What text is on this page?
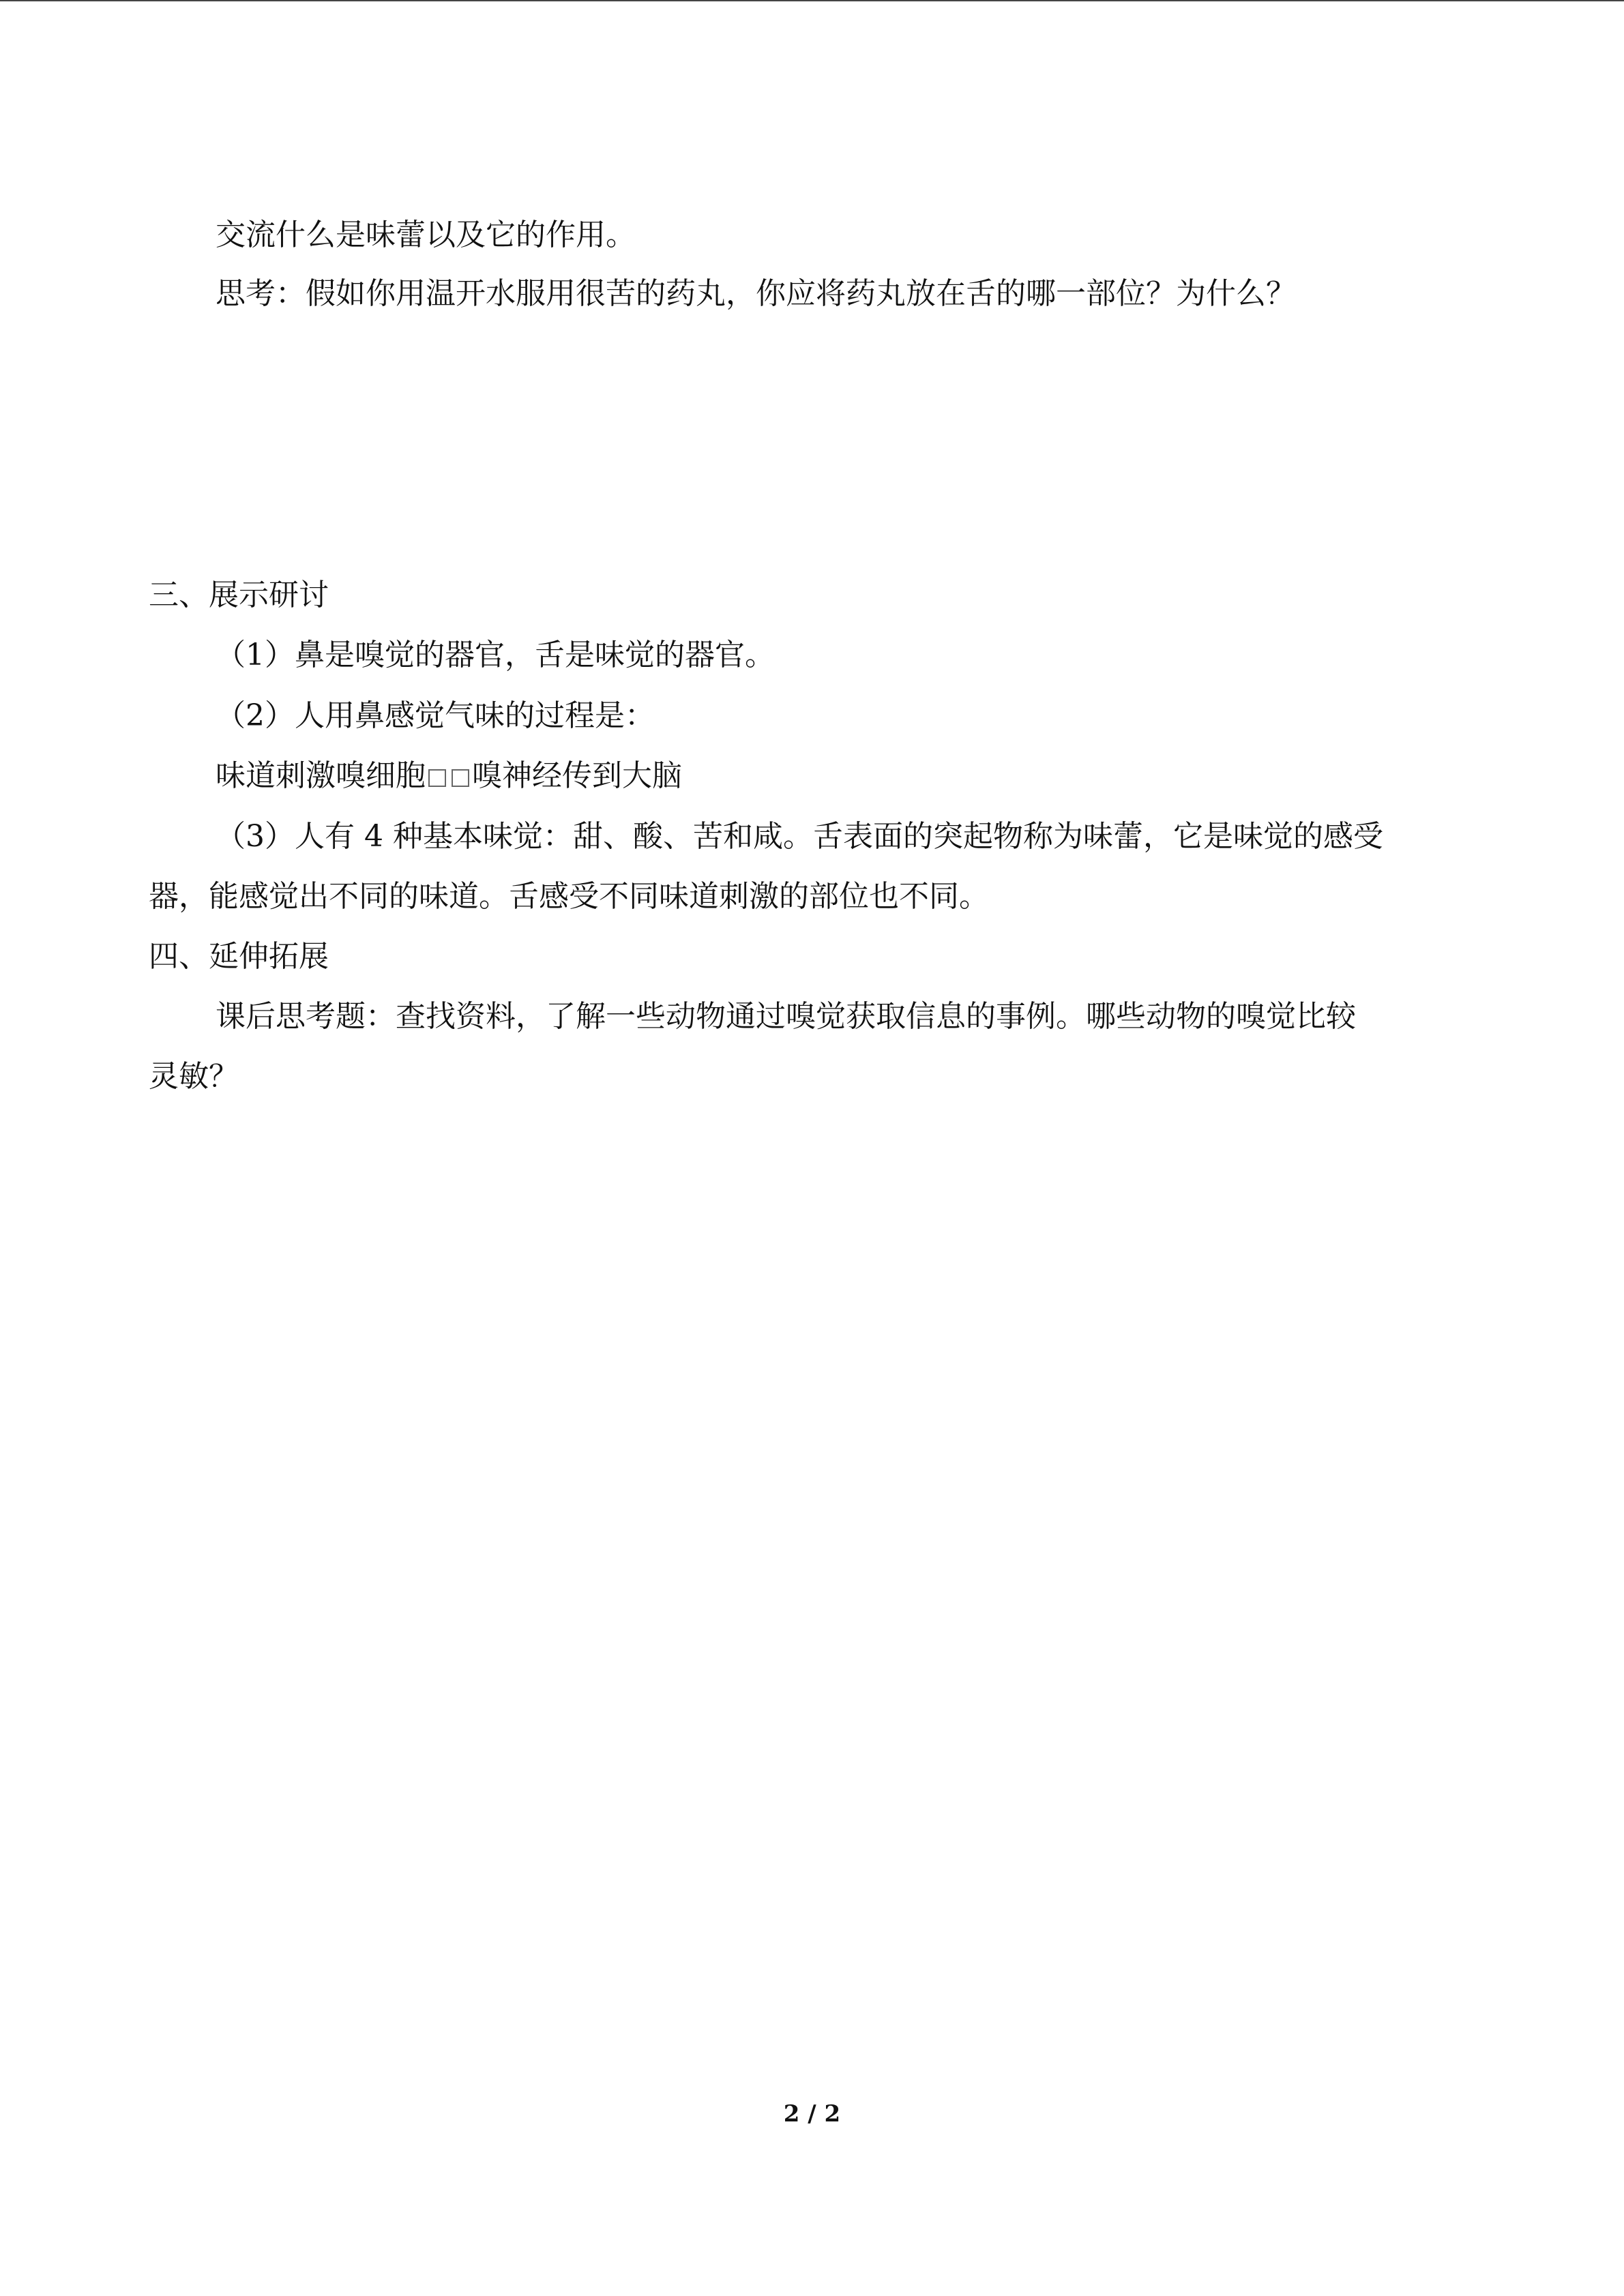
交流什么是味蕾以及它的作用。
思考：假如你用温开水服用很苦的药丸，你应将药丸放在舌的哪一部位？为什么？
三、展示研讨
（1）鼻是嗅觉的器官，舌是味觉的器官。
（2）人用鼻感觉气味的过程是：
味道刺激嗅细胞 嗅神经传到大脑
（3）人有 4 种基本味觉：甜、酸、苦和咸。舌表面的突起物称为味蕾，它是味觉的感受
器，能感觉出不同的味道。舌感受不同味道刺激的部位也不同。
四、延伸拓展
课后思考题：查找资料，了解一些动物通过嗅觉获取信息的事例。哪些动物的嗅觉比较
灵敏？
2 / 2
